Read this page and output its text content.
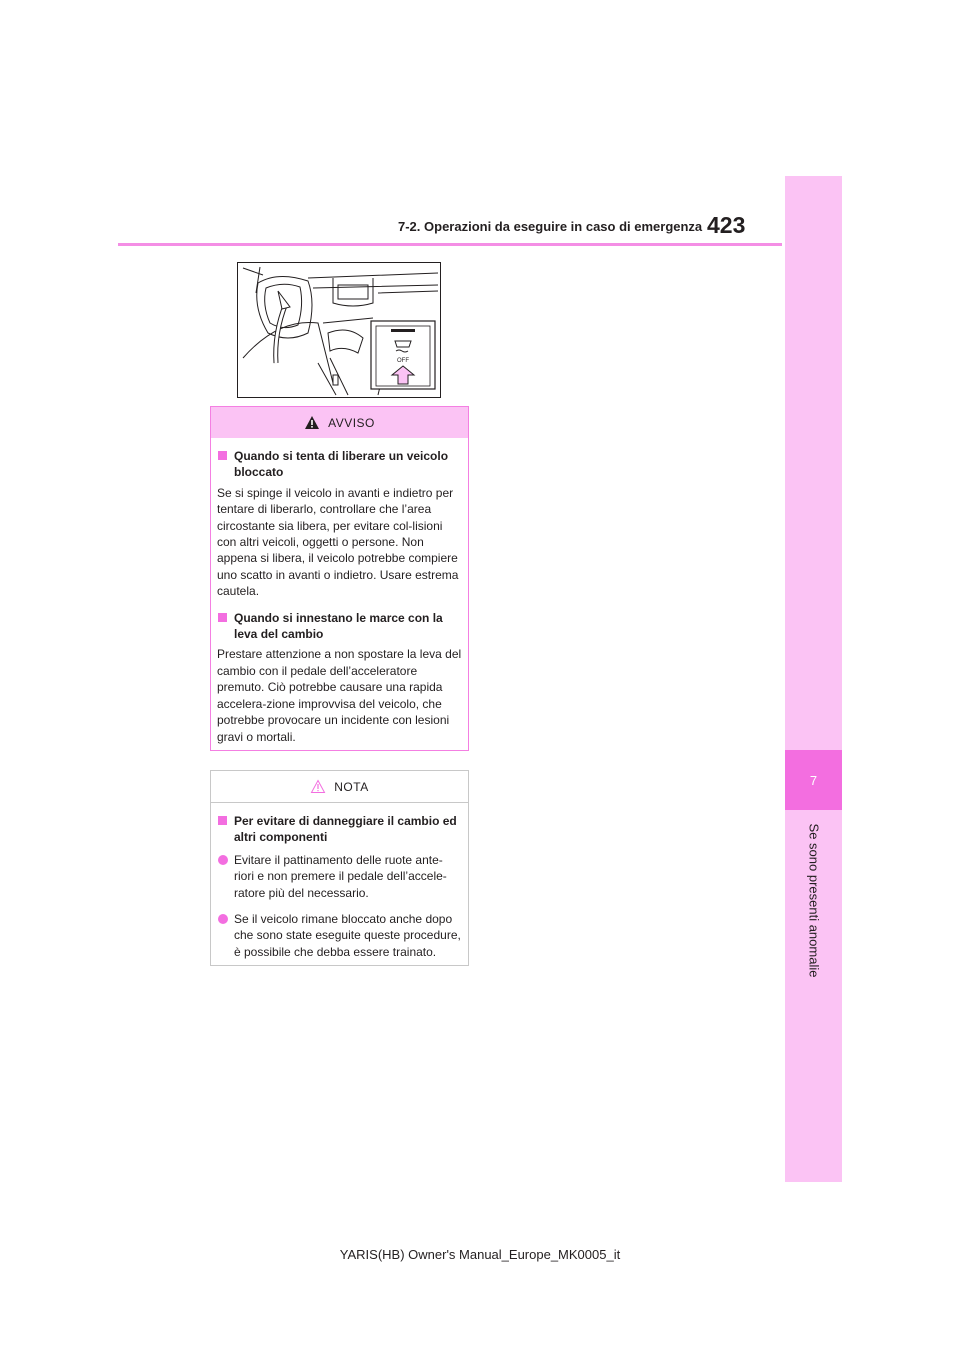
7
Se sono presenti anomalie
7-2. Operazioni da eseguire in caso di emergenza 423
OFF
AVVISO
Quando si tenta di liberare un veicolo bloccato
Se si spinge il veicolo in avanti e indietro per tentare di liberarlo, controllare che l’area circostante sia libera, per evitare col-lisioni con altri veicoli, oggetti o persone. Non appena si libera, il veicolo potrebbe compiere uno scatto in avanti o indietro. Usare estrema cautela.
Quando si innestano le marce con la leva del cambio
Prestare attenzione a non spostare la leva del cambio con il pedale dell’acceleratore premuto. Ciò potrebbe causare una rapida accelera-zione improvvisa del veicolo, che potrebbe provocare un incidente con lesioni gravi o mortali.
NOTA
Per evitare di danneggiare il cambio ed altri componenti
Evitare il pattinamento delle ruote ante-riori e non premere il pedale dell’accele-ratore più del necessario.
Se il veicolo rimane bloccato anche dopo che sono state eseguite queste procedure, è possibile che debba essere trainato.
YARIS(HB) Owner's Manual_Europe_MK0005_it
